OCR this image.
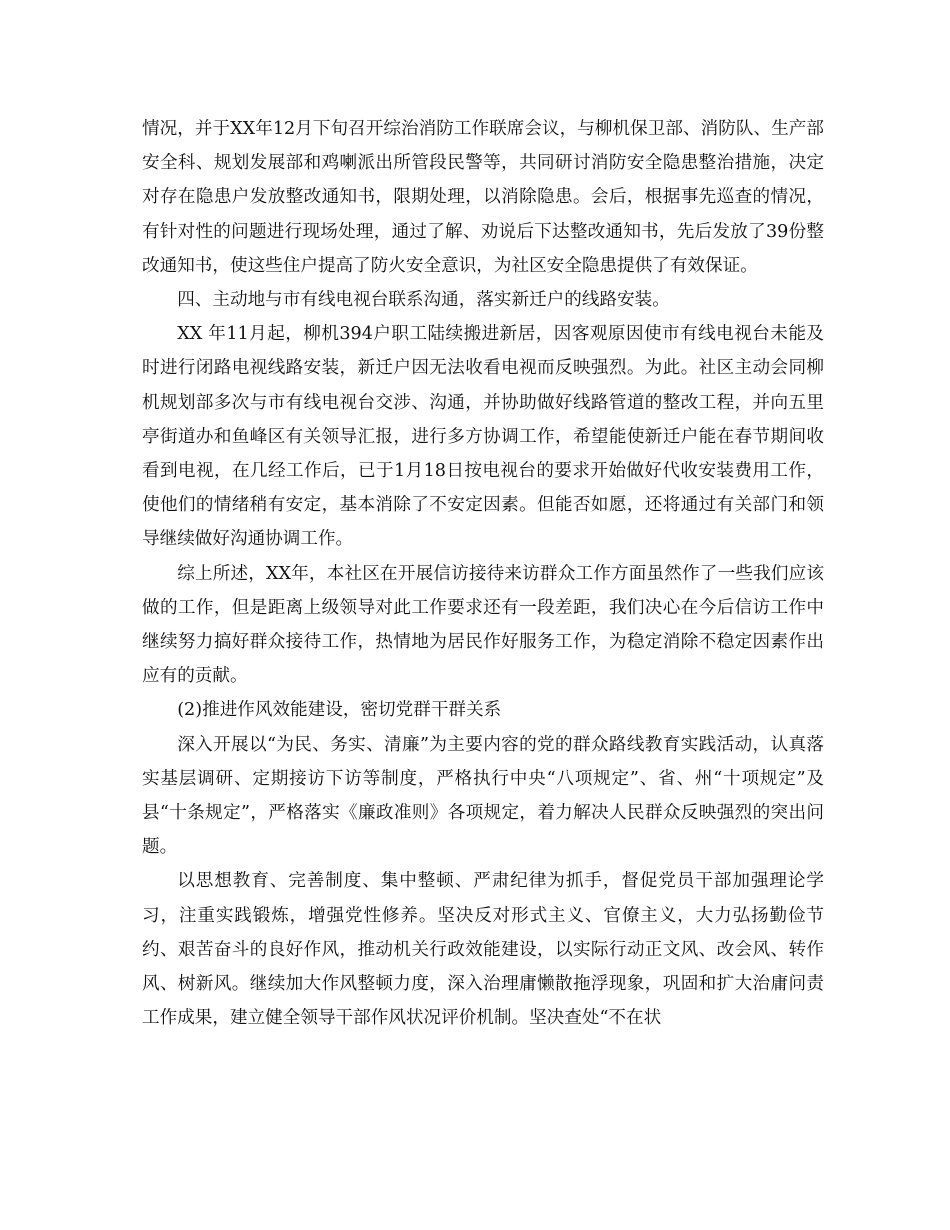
情况，并于XX年12月下旬召开综治消防工作联席会议，与柳机保卫部、消防队、生产部安全科、规划发展部和鸡喇派出所管段民警等，共同研讨消防安全隐患整治措施，决定对存在隐患户发放整改通知书，限期处理，以消除隐患。会后，根据事先巡查的情况，有针对性的问题进行现场处理，通过了解、劝说后下达整改通知书，先后发放了39份整改通知书，使这些住户提高了防火安全意识，为社区安全隐患提供了有效保证。

四、主动地与市有线电视台联系沟通，落实新迁户的线路安装。

XX 年11月起，柳机394户职工陆续搬进新居，因客观原因使市有线电视台未能及时进行闭路电视线路安装，新迁户因无法收看电视而反映强烈。为此。社区主动会同柳机规划部多次与市有线电视台交涉、沟通，并协助做好线路管道的整改工程，并向五里亭街道办和鱼峰区有关领导汇报，进行多方协调工作，希望能使新迁户能在春节期间收看到电视，在几经工作后，已于1月18日按电视台的要求开始做好代收安装费用工作，使他们的情绪稍有安定，基本消除了不安定因素。但能否如愿，还将通过有关部门和领导继续做好沟通协调工作。

综上所述，XX年，本社区在开展信访接待来访群众工作方面虽然作了一些我们应该做的工作，但是距离上级领导对此工作要求还有一段差距，我们决心在今后信访工作中继续努力搞好群众接待工作，热情地为居民作好服务工作，为稳定消除不稳定因素作出应有的贡献。

(2)推进作风效能建设，密切党群干群关系

深入开展以“为民、务实、清廉”为主要内容的党的群众路线教育实践活动，认真落实基层调研、定期接访下访等制度，严格执行中央“八项规定”、省、州“十项规定”及县“十条规定”，严格落实《廉政准则》各项规定，着力解决人民群众反映强烈的突出问题。

以思想教育、完善制度、集中整顿、严肃纪律为抓手，督促党员干部加强理论学习，注重实践锻炼，增强党性修养。坚决反对形式主义、官僚主义，大力弘扬勤俭节约、艰苦奋斗的良好作风，推动机关行政效能建设，以实际行动正文风、改会风、转作风、树新风。继续加大作风整顿力度，深入治理庸懒散拖浮现象，巩固和扩大治庸问责工作成果，建立健全领导干部作风状况评价机制。坚决查处“不在状
